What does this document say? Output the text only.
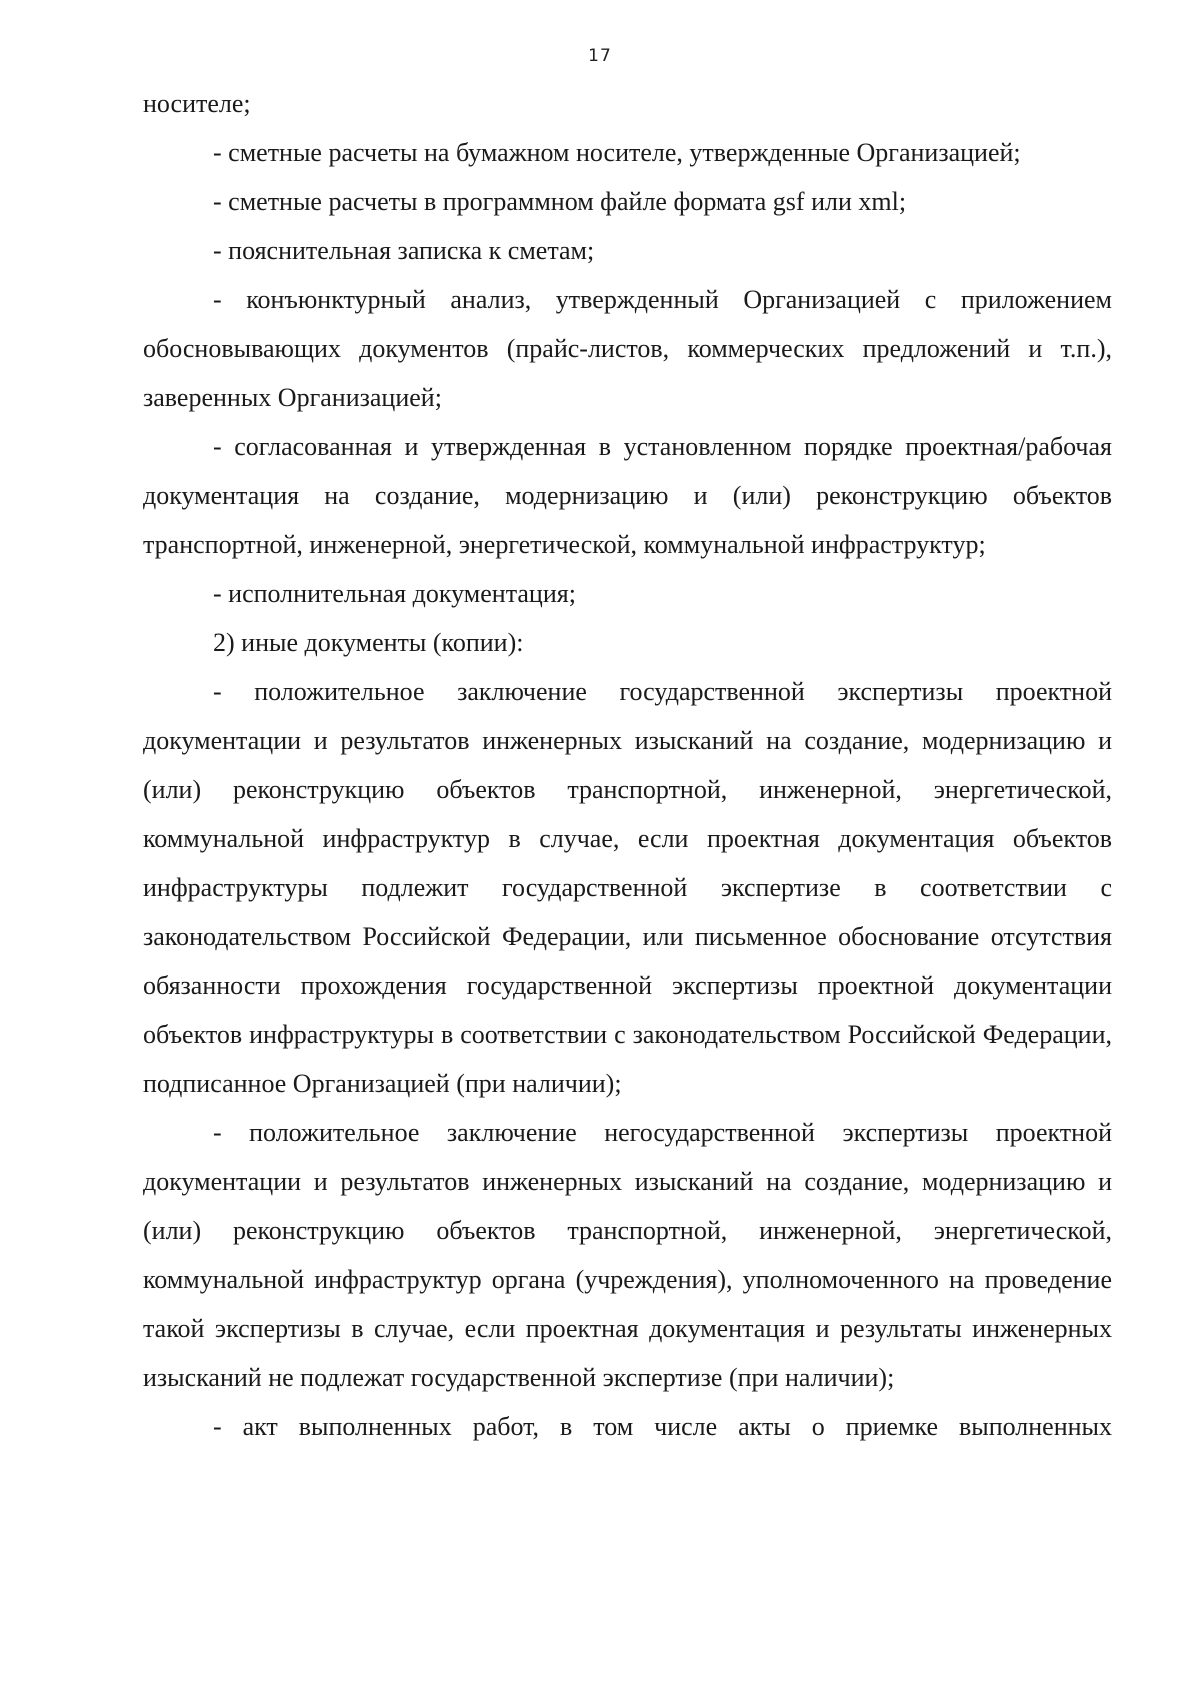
17

носителе;

- сметные расчеты на бумажном носителе, утвержденные Организацией;

- сметные расчеты в программном файле формата gsf или xml;

- пояснительная записка к сметам;

- конъюнктурный анализ, утвержденный Организацией с приложением обосновывающих документов (прайс-листов, коммерческих предложений и т.п.), заверенных Организацией;

- согласованная и утвержденная в установленном порядке проектная/рабочая документация на создание, модернизацию и (или) реконструкцию объектов транспортной, инженерной, энергетической, коммунальной инфраструктур;

- исполнительная документация;

2) иные документы (копии):

- положительное заключение государственной экспертизы проектной документации и результатов инженерных изысканий на создание, модернизацию и (или) реконструкцию объектов транспортной, инженерной, энергетической, коммунальной инфраструктур в случае, если проектная документация объектов инфраструктуры подлежит государственной экспертизе в соответствии с законодательством Российской Федерации, или письменное обоснование отсутствия обязанности прохождения государственной экспертизы проектной документации объектов инфраструктуры в соответствии с законодательством Российской Федерации, подписанное Организацией (при наличии);

- положительное заключение негосударственной экспертизы проектной документации и результатов инженерных изысканий на создание, модернизацию и (или) реконструкцию объектов транспортной, инженерной, энергетической, коммунальной инфраструктур органа (учреждения), уполномоченного на проведение такой экспертизы в случае, если проектная документация и результаты инженерных изысканий не подлежат государственной экспертизе (при наличии);

- акт выполненных работ, в том числе акты о приемке выполненных
